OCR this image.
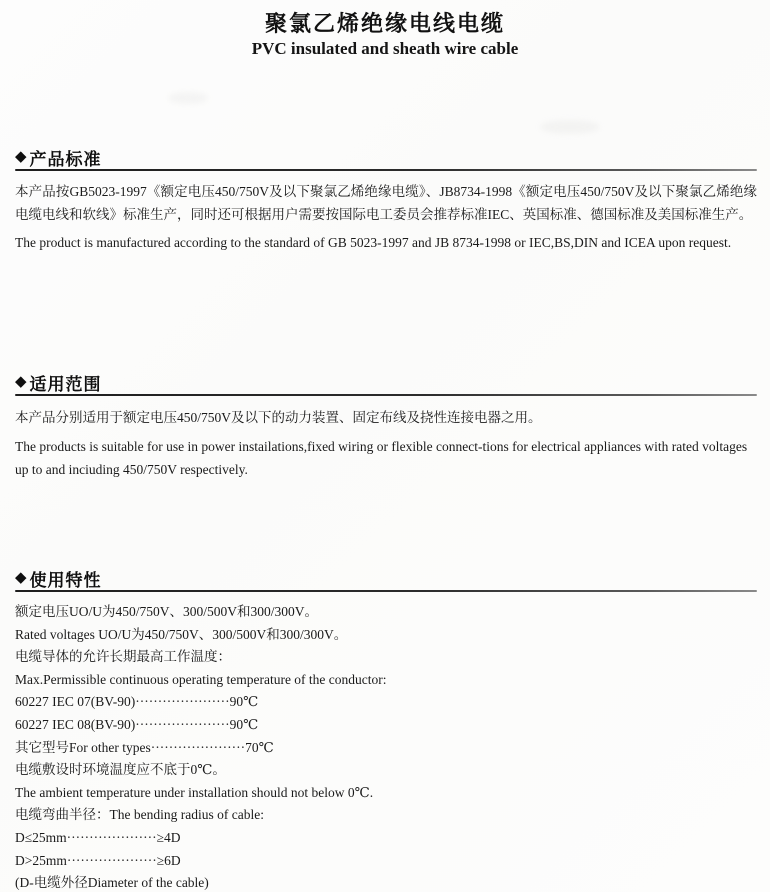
聚氯乙烯绝缘电线电缆
PVC insulated and sheath wire cable
◆ 产品标准

本产品按GB5023-1997《额定电压450/750V及以下聚氯乙烯绝缘电缆》、JB8734-1998《额定电压450/750V及以下聚氯乙烯绝缘电缆电线和软线》标准生产，同时还可根据用户需要按国际电工委员会推荐标准IEC、英国标准、德国标准及美国标准生产。

The product is manufactured according to the standard of GB 5023-1997 and JB 8734-1998 or IEC,BS,DIN and ICEA upon request.

◆ 适用范围

本产品分别适用于额定电压450/750V及以下的动力装置、固定布线及挠性连接电器之用。

The products is suitable for use in power instailations,fixed wiring or flexible connect-tions for electrical appliances with rated voltages up to and inciuding 450/750V respectively.

◆ 使用特性
额定电压UO/U为450/750V、300/500V和300/300V。
Rated voltages UO/U为450/750V、300/500V和300/300V。
电缆导体的允许长期最高工作温度：
Max.Permissible continuous operating temperature of the conductor:
60227 IEC 07(BV-90)·····················90℃
60227 IEC 08(BV-90)·····················90℃
其它型号For other types·····················70℃
电缆敷设时环境温度应不底于0℃。
The ambient temperature under installation should not below 0℃.
电缆弯曲半径：The bending radius of cable:
D≤25mm····················≥4D
D>25mm····················≥6D
(D-电缆外径Diameter of the cable)
